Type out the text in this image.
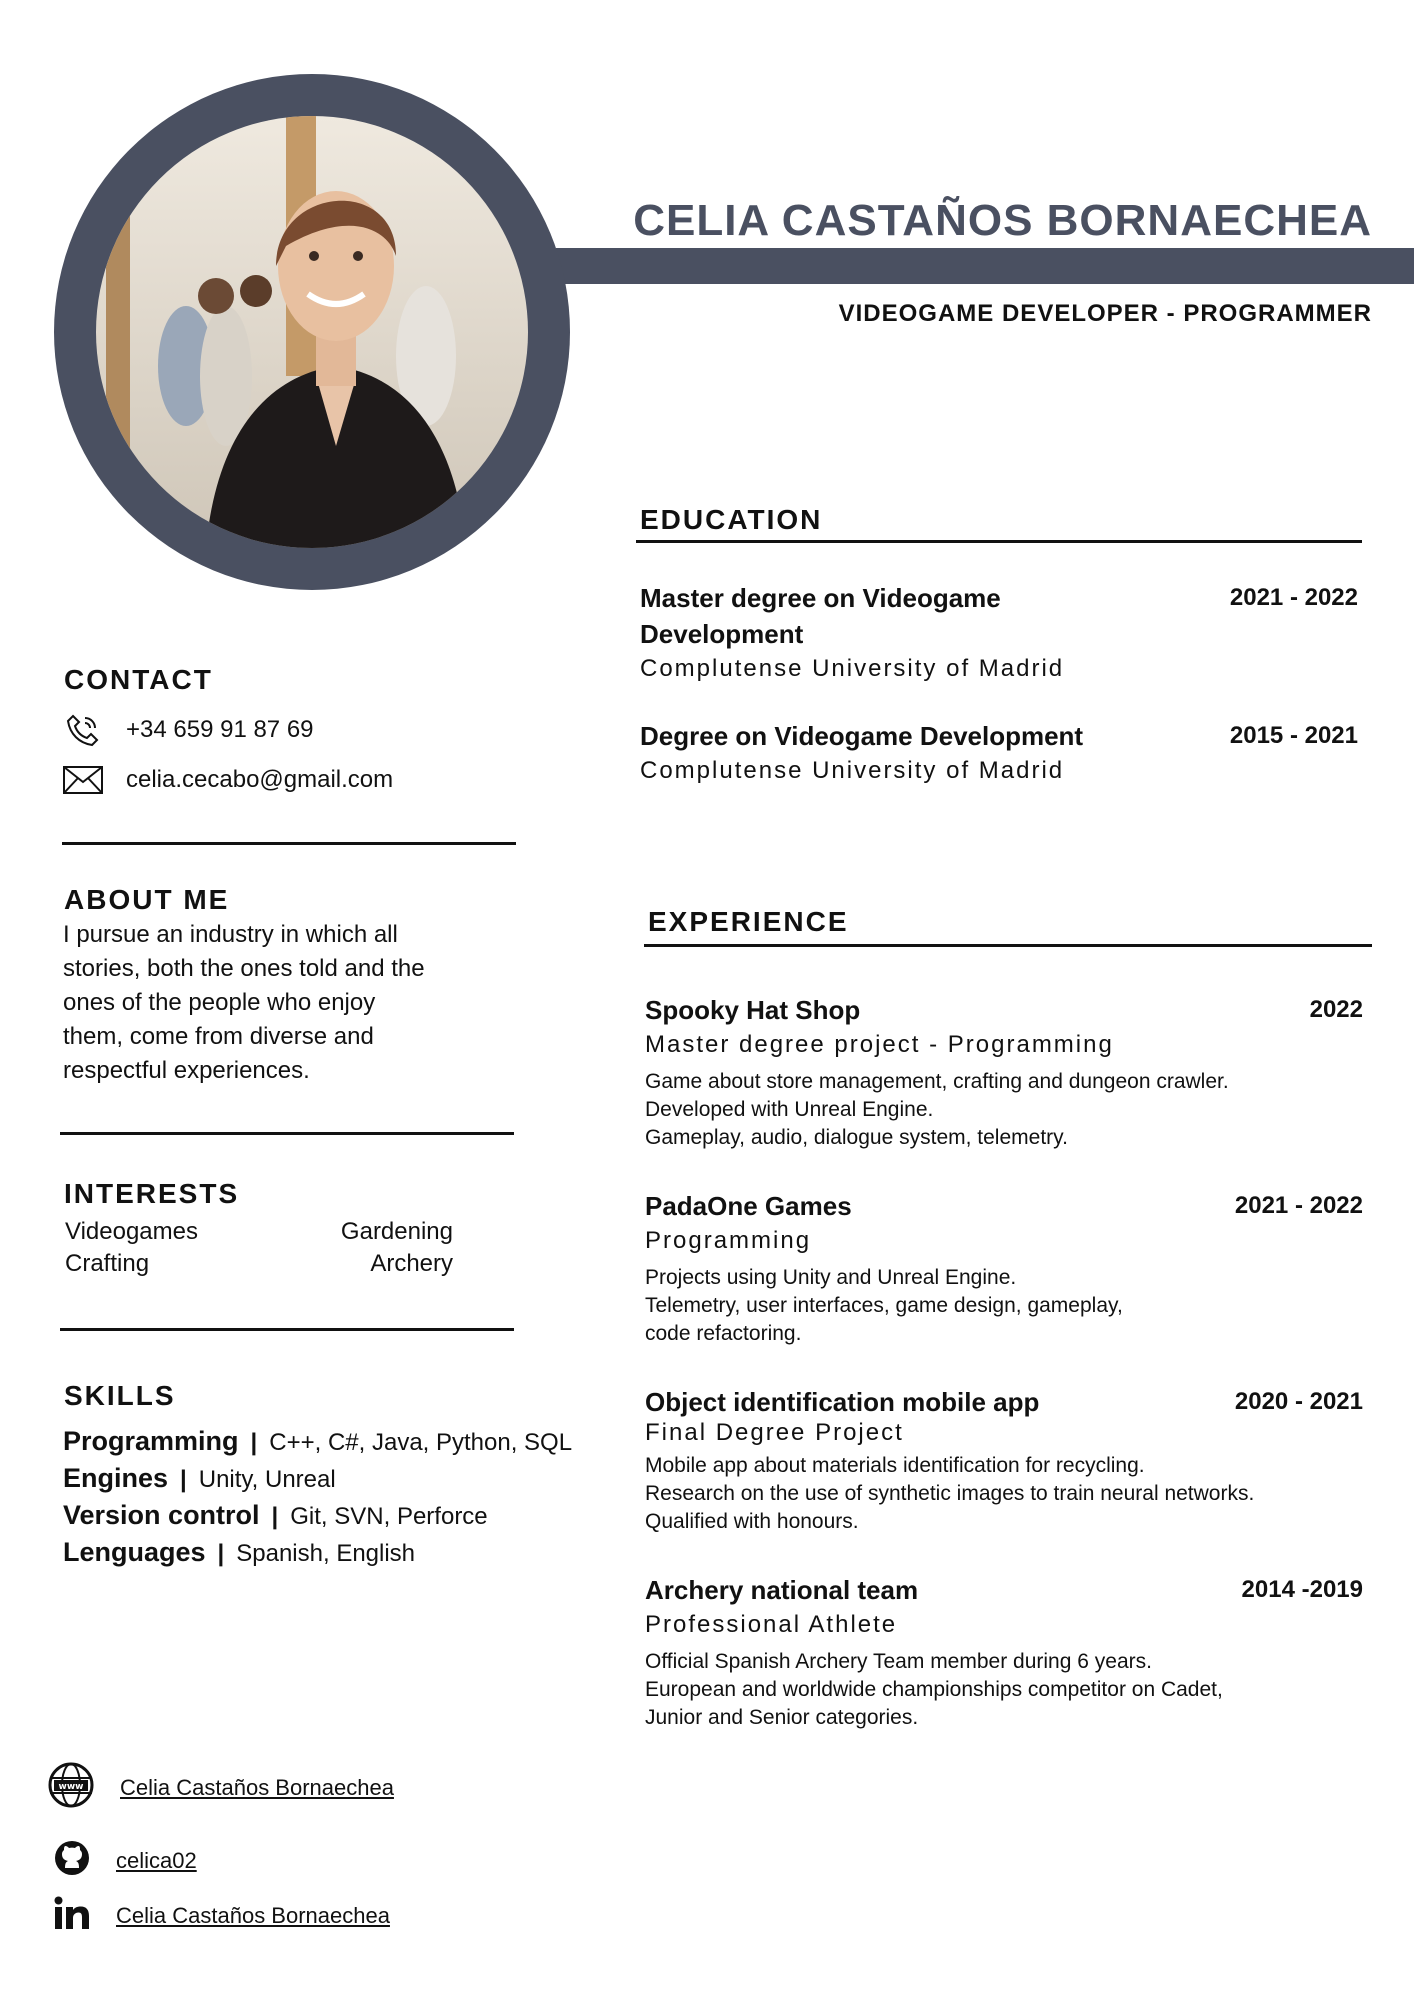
CELIA CASTAÑOS BORNAECHEA
VIDEOGAME DEVELOPER - PROGRAMMER
CONTACT
+34 659 91 87 69
celia.cecabo@gmail.com
ABOUT ME
I pursue an industry in which all
stories, both the ones told and the
ones of the people who enjoy
them, come from diverse and
respectful experiences.
INTERESTS
Videogames	Gardening
Crafting	Archery
SKILLS
Programming | C++, C#, Java, Python, SQL
Engines | Unity, Unreal
Version control | Git, SVN, Perforce
Lenguages | Spanish, English
www Celia Castaños Bornaechea
celica02
Celia Castaños Bornaechea
EDUCATION
Master degree on Videogame
Development
2021 - 2022
Complutense University of Madrid
Degree on Videogame Development	2015 - 2021
Complutense University of Madrid
EXPERIENCE
Spooky Hat Shop	2022
Master degree project - Programming
Game about store management, crafting and dungeon crawler.
Developed with Unreal Engine.
Gameplay, audio, dialogue system, telemetry.
PadaOne Games	2021 - 2022
Programming
Projects using Unity and Unreal Engine.
Telemetry, user interfaces, game design, gameplay,
code refactoring.
Object identification mobile app	2020 - 2021
Final Degree Project
Mobile app about materials identification for recycling.
Research on the use of synthetic images to train neural networks.
Qualified with honours.
Archery national team	2014 -2019
Professional Athlete
Official Spanish Archery Team member during 6 years.
European and worldwide championships competitor on Cadet,
Junior and Senior categories.
